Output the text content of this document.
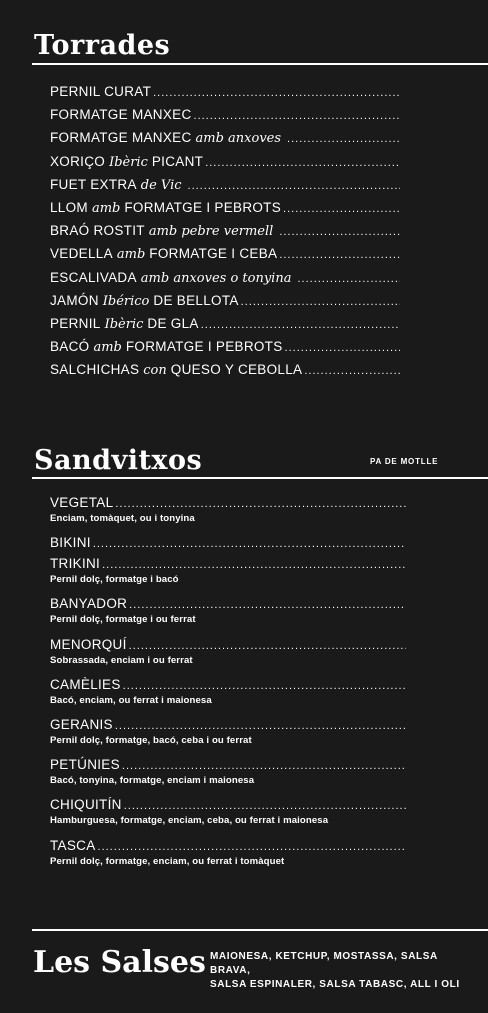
Torrades
PERNIL CURAT
.....
FORMATGE MANXEC
.....
FORMATGE MANXEC amb anxoves
.....
XORIÇO Ibèric PICANT
.....
FUET EXTRA de Vic
.....
LLOM amb FORMATGE I PEBROTS
.....
BRAÓ ROSTIT amb pebre vermell
.....
VEDELLA amb FORMATGE I CEBA
.....
ESCALIVADA amb anxoves o tonyina
.....
JAMÓN Ibérico DE BELLOTA
.....
PERNIL Ibèric DE GLA
.....
BACÓ amb FORMATGE I PEBROTS
.....
SALCHICHAS con QUESO Y CEBOLLA
.....
Sandvitxos	PA DE MOTLLE
VEGETAL
.....
Enciam, tomàquet, ou i tonyina
BIKINI
.....
TRIKINI
.....
Pernil dolç, formatge i bacó
BANYADOR
.....
Pernil dolç, formatge i ou ferrat
MENORQUÍ
.....
Sobrassada, enciam i ou ferrat
CAMÈLIES
.....
Bacó, enciam, ou ferrat i maionesa
GERANIS
.....
Pernil dolç, formatge, bacó, ceba i ou ferrat
PETÚNIES
.....
Bacó, tonyina, formatge, enciam i maionesa
CHIQUITÍN
.....
Hamburguesa, formatge, enciam, ceba, ou ferrat i maionesa
TASCA
.....
Pernil dolç, formatge, enciam, ou ferrat i tomàquet
Les Salses MAIONESA, KETCHUP, MOSTASSA, SALSA BRAVA,
SALSA ESPINALER, SALSA TABASC, ALL I OLI
